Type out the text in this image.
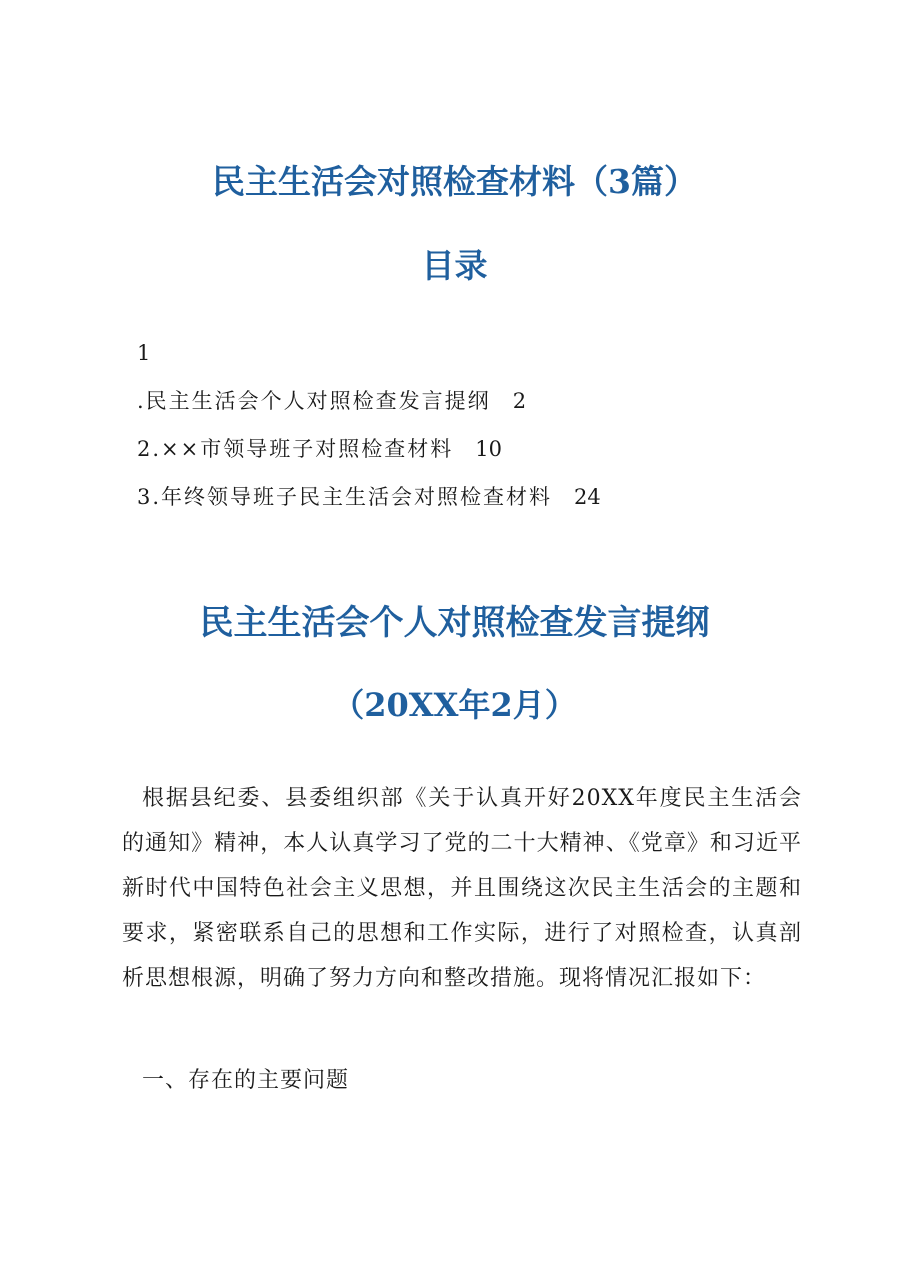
民主生活会对照检查材料（3篇）
目录
1
.民主生活会个人对照检查发言提纲 2
2.××市领导班子对照检查材料 10
3.年终领导班子民主生活会对照检查材料 24
民主生活会个人对照检查发言提纲
（20XX年2月）
根据县纪委、县委组织部《关于认真开好20XX年度民主生活会的通知》精神，本人认真学习了党的二十大精神、《党章》和习近平新时代中国特色社会主义思想，并且围绕这次民主生活会的主题和要求，紧密联系自己的思想和工作实际，进行了对照检查，认真剖析思想根源，明确了努力方向和整改措施。现将情况汇报如下：
一、存在的主要问题
